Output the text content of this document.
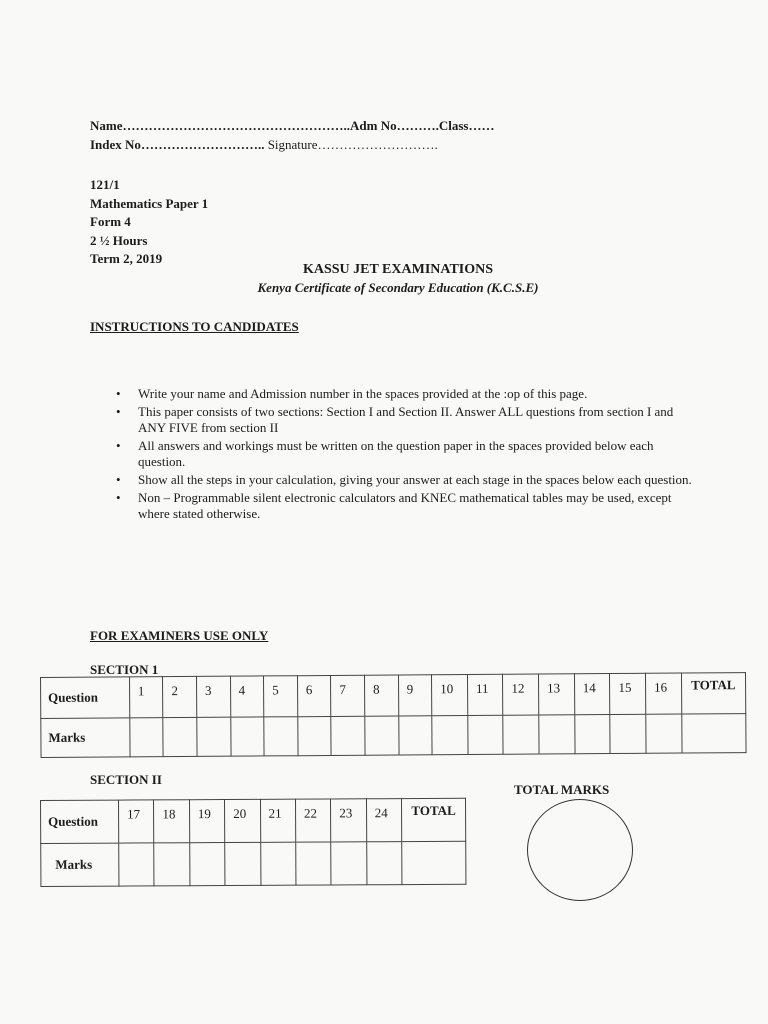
Name……………………………………………..Adm No……….Class……
Index No……………………….. Signature……………………….
121/1
Mathematics Paper 1
Form 4
2 ½ Hours
Term 2, 2019
KASSU JET EXAMINATIONS
Kenya Certificate of Secondary Education (K.C.S.E)
INSTRUCTIONS TO CANDIDATES
• Write your name and Admission number in the spaces provided at the :op of this page.
• This paper consists of two sections: Section I and Section II. Answer ALL questions from section I and ANY FIVE from section II
• All answers and workings must be written on the question paper in the spaces provided below each question.
• Show all the steps in your calculation, giving your answer at each stage in the spaces below each question.
• Non – Programmable silent electronic calculators and KNEC mathematical tables may be used, except where stated otherwise.
FOR EXAMINERS USE ONLY
SECTION 1
Question	1	2	3	4	5	6	7	8	9	10	11	12	13	14	15	16	TOTAL
Marks																	
SECTION II
Question	17	18	19	20	21	22	23	24	TOTAL
Marks									
TOTAL MARKS
